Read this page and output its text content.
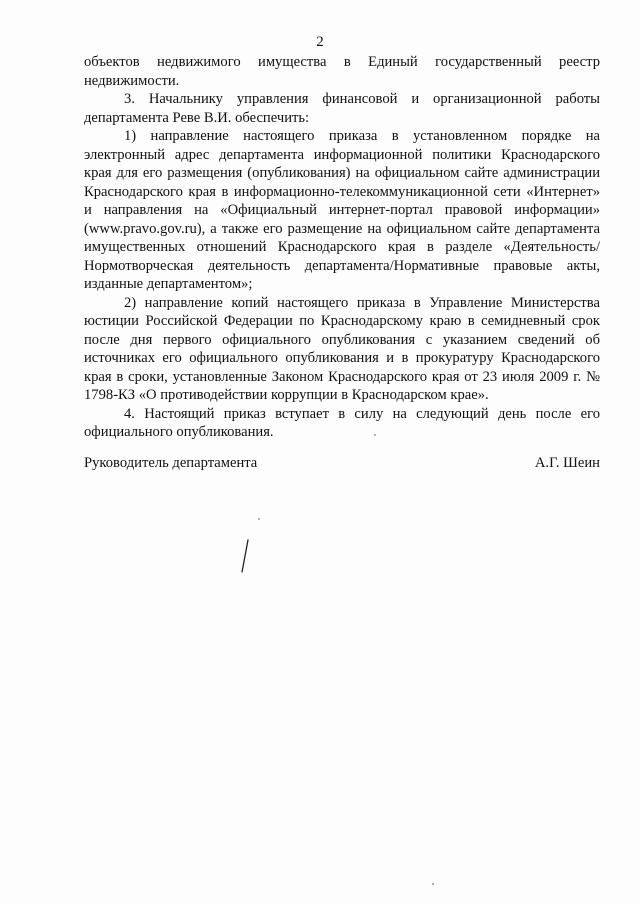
2

объектов недвижимого имущества в Единый государственный реестр недвижимости.

3. Начальнику управления финансовой и организационной работы департамента Реве В.И. обеспечить:

1) направление настоящего приказа в установленном порядке на электронный адрес департамента информационной политики Краснодарского края для его размещения (опубликования) на официальном сайте администрации Краснодарского края в информационно-телекоммуникационной сети «Интернет» и направления на «Официальный интернет-портал правовой информации» (www.pravo.gov.ru), а также его размещение на официальном сайте департамента имущественных отношений Краснодарского края в разделе «Деятельность/Нормотворческая деятельность департамента/Нормативные правовые акты, изданные департаментом»;

2) направление копий настоящего приказа в Управление Министерства юстиции Российской Федерации по Краснодарскому краю в семидневный срок после дня первого официального опубликования с указанием сведений об источниках его официального опубликования и в прокуратуру Краснодарского края в сроки, установленные Законом Краснодарского края от 23 июля 2009 г. № 1798-КЗ «О противодействии коррупции в Краснодарском крае».

4. Настоящий приказ вступает в силу на следующий день после его официального опубликования.

Руководитель департамента	А.Г. Шеин
